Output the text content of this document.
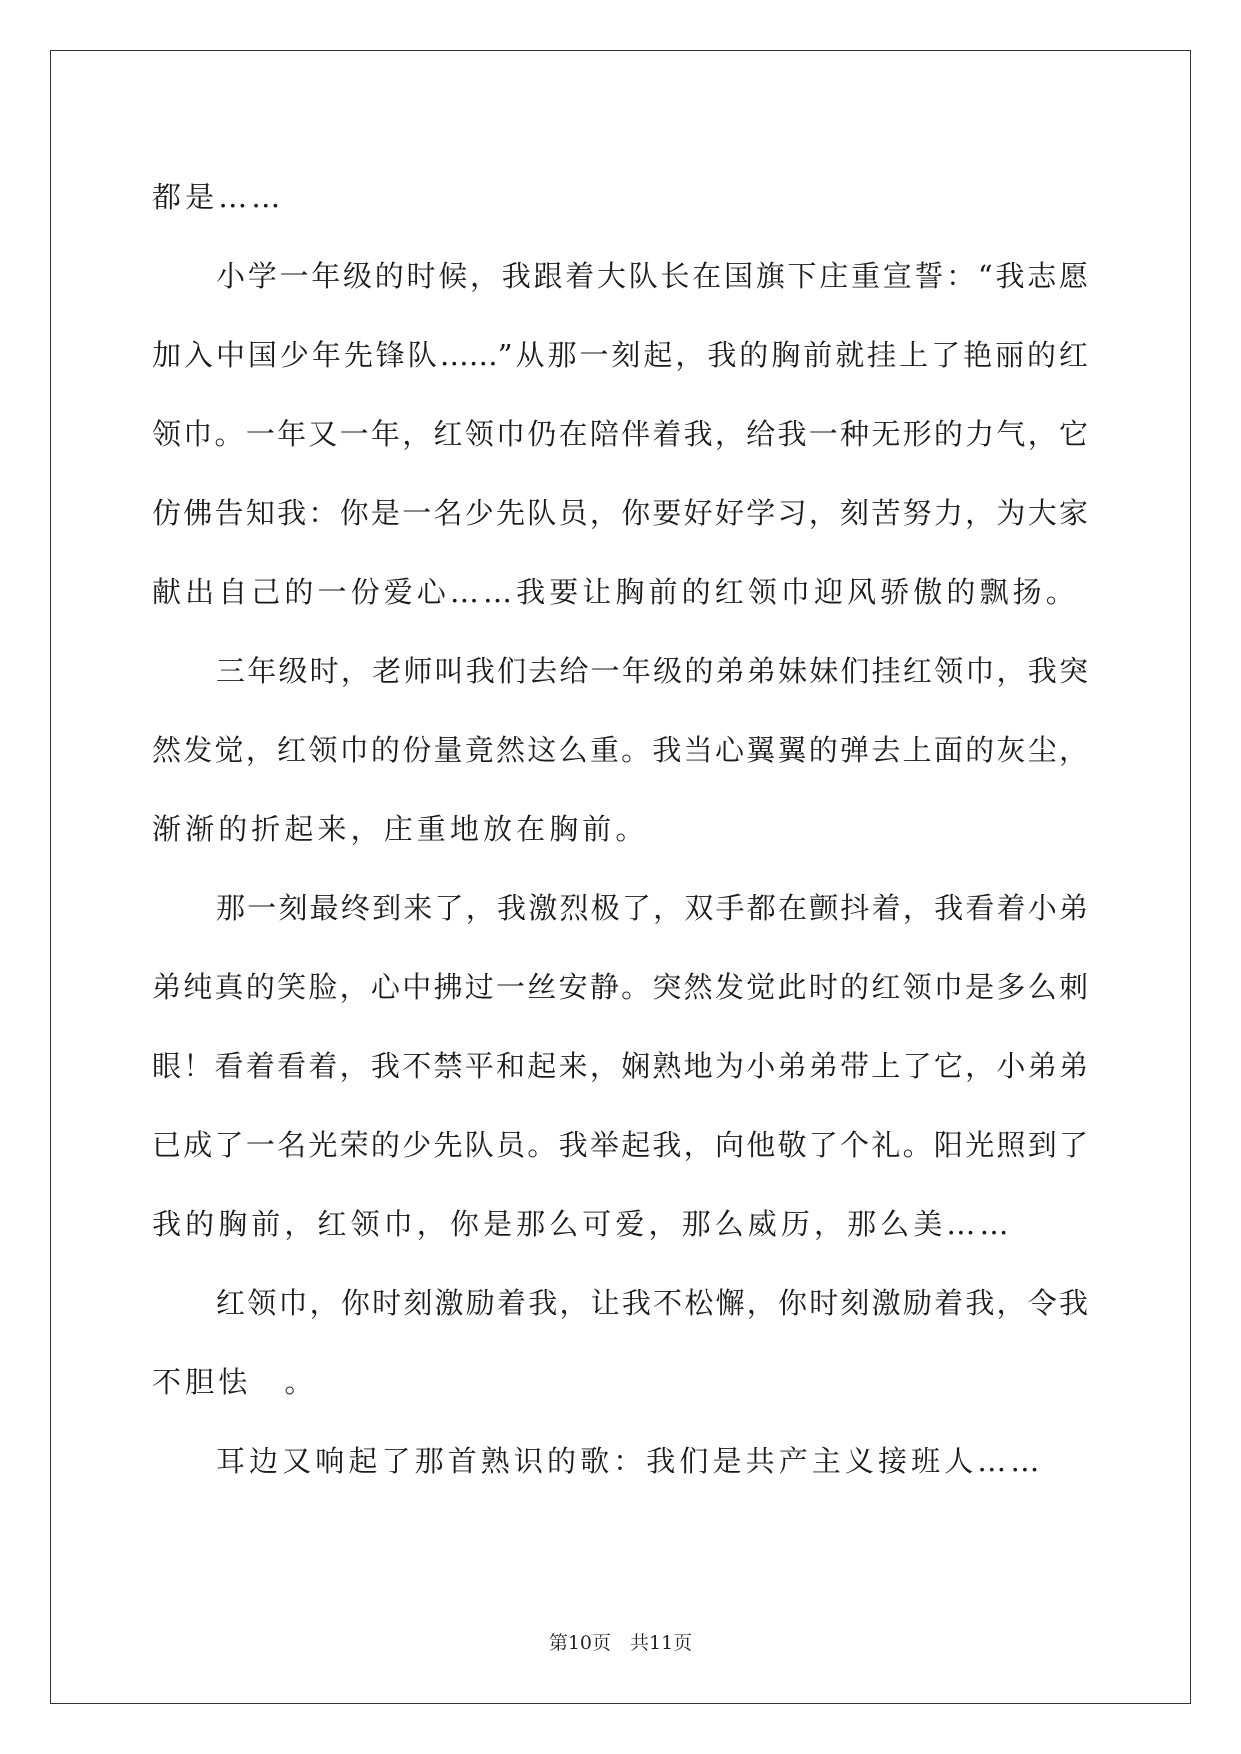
都是……
小学一年级的时候，我跟着大队长在国旗下庄重宣誓：“我志愿
加入中国少年先锋队……”从那一刻起，我的胸前就挂上了艳丽的红
领巾。一年又一年，红领巾仍在陪伴着我，给我一种无形的力气，它
仿佛告知我：你是一名少先队员，你要好好学习，刻苦努力，为大家
献出自己的一份爱心……我要让胸前的红领巾迎风骄傲的飘扬。
三年级时，老师叫我们去给一年级的弟弟妹妹们挂红领巾，我突
然发觉，红领巾的份量竟然这么重。我当心翼翼的弹去上面的灰尘，
渐渐的折起来，庄重地放在胸前。
那一刻最终到来了，我激烈极了，双手都在颤抖着，我看着小弟
弟纯真的笑脸，心中拂过一丝安静。突然发觉此时的红领巾是多么刺
眼！看着看着，我不禁平和起来，娴熟地为小弟弟带上了它，小弟弟
已成了一名光荣的少先队员。我举起我，向他敬了个礼。阳光照到了
我的胸前，红领巾，你是那么可爱，那么威历，那么美……
红领巾，你时刻激励着我，让我不松懈，你时刻激励着我，令我
不胆怯　。
耳边又响起了那首熟识的歌：我们是共产主义接班人……
第10页　共11页
